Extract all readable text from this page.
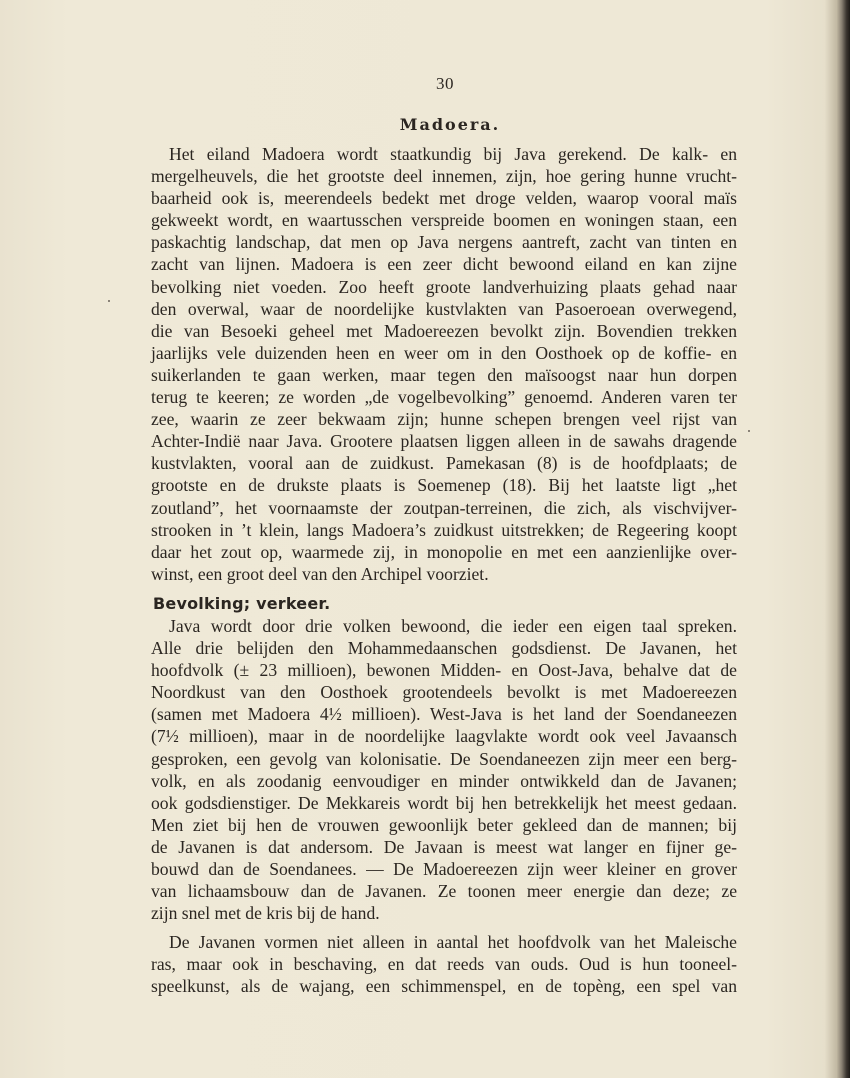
30
Madoera.
Het eiland Madoera wordt staatkundig bij Java gerekend. De kalk- en
mergelheuvels, die het grootste deel innemen, zijn, hoe gering hunne vrucht-
baarheid ook is, meerendeels bedekt met droge velden, waarop vooral maïs
gekweekt wordt, en waartusschen verspreide boomen en woningen staan, een
paskachtig landschap, dat men op Java nergens aantreft, zacht van tinten en
zacht van lijnen. Madoera is een zeer dicht bewoond eiland en kan zijne
bevolking niet voeden. Zoo heeft groote landverhuizing plaats gehad naar
den overwal, waar de noordelijke kustvlakten van Pasoeroean overwegend,
die van Besoeki geheel met Madoereezen bevolkt zijn. Bovendien trekken
jaarlijks vele duizenden heen en weer om in den Oosthoek op de koffie- en
suikerlanden te gaan werken, maar tegen den maïsoogst naar hun dorpen
terug te keeren; ze worden „de vogelbevolking” genoemd. Anderen varen ter
zee, waarin ze zeer bekwaam zijn; hunne schepen brengen veel rijst van
Achter-Indië naar Java. Grootere plaatsen liggen alleen in de sawahs dragende
kustvlakten, vooral aan de zuidkust. Pamekasan (8) is de hoofdplaats; de
grootste en de drukste plaats is Soemenep (18). Bij het laatste ligt „het
zoutland”, het voornaamste der zoutpan-terreinen, die zich, als vischvijver-
strooken in ’t klein, langs Madoera’s zuidkust uitstrekken; de Regeering koopt
daar het zout op, waarmede zij, in monopolie en met een aanzienlijke over-
winst, een groot deel van den Archipel voorziet.
Bevolking; verkeer.
Java wordt door drie volken bewoond, die ieder een eigen taal spreken.
Alle drie belijden den Mohammedaanschen godsdienst. De Javanen, het
hoofdvolk (± 23 millioen), bewonen Midden- en Oost-Java, behalve dat de
Noordkust van den Oosthoek grootendeels bevolkt is met Madoereezen
(samen met Madoera 4½ millioen). West-Java is het land der Soendaneezen
(7½ millioen), maar in de noordelijke laagvlakte wordt ook veel Javaansch
gesproken, een gevolg van kolonisatie. De Soendaneezen zijn meer een berg-
volk, en als zoodanig eenvoudiger en minder ontwikkeld dan de Javanen;
ook godsdienstiger. De Mekkareis wordt bij hen betrekkelijk het meest gedaan.
Men ziet bij hen de vrouwen gewoonlijk beter gekleed dan de mannen; bij
de Javanen is dat andersom. De Javaan is meest wat langer en fijner ge-
bouwd dan de Soendanees. — De Madoereezen zijn weer kleiner en grover
van lichaamsbouw dan de Javanen. Ze toonen meer energie dan deze; ze
zijn snel met de kris bij de hand.
De Javanen vormen niet alleen in aantal het hoofdvolk van het Maleische
ras, maar ook in beschaving, en dat reeds van ouds. Oud is hun tooneel-
speelkunst, als de wajang, een schimmenspel, en de topèng, een spel van
